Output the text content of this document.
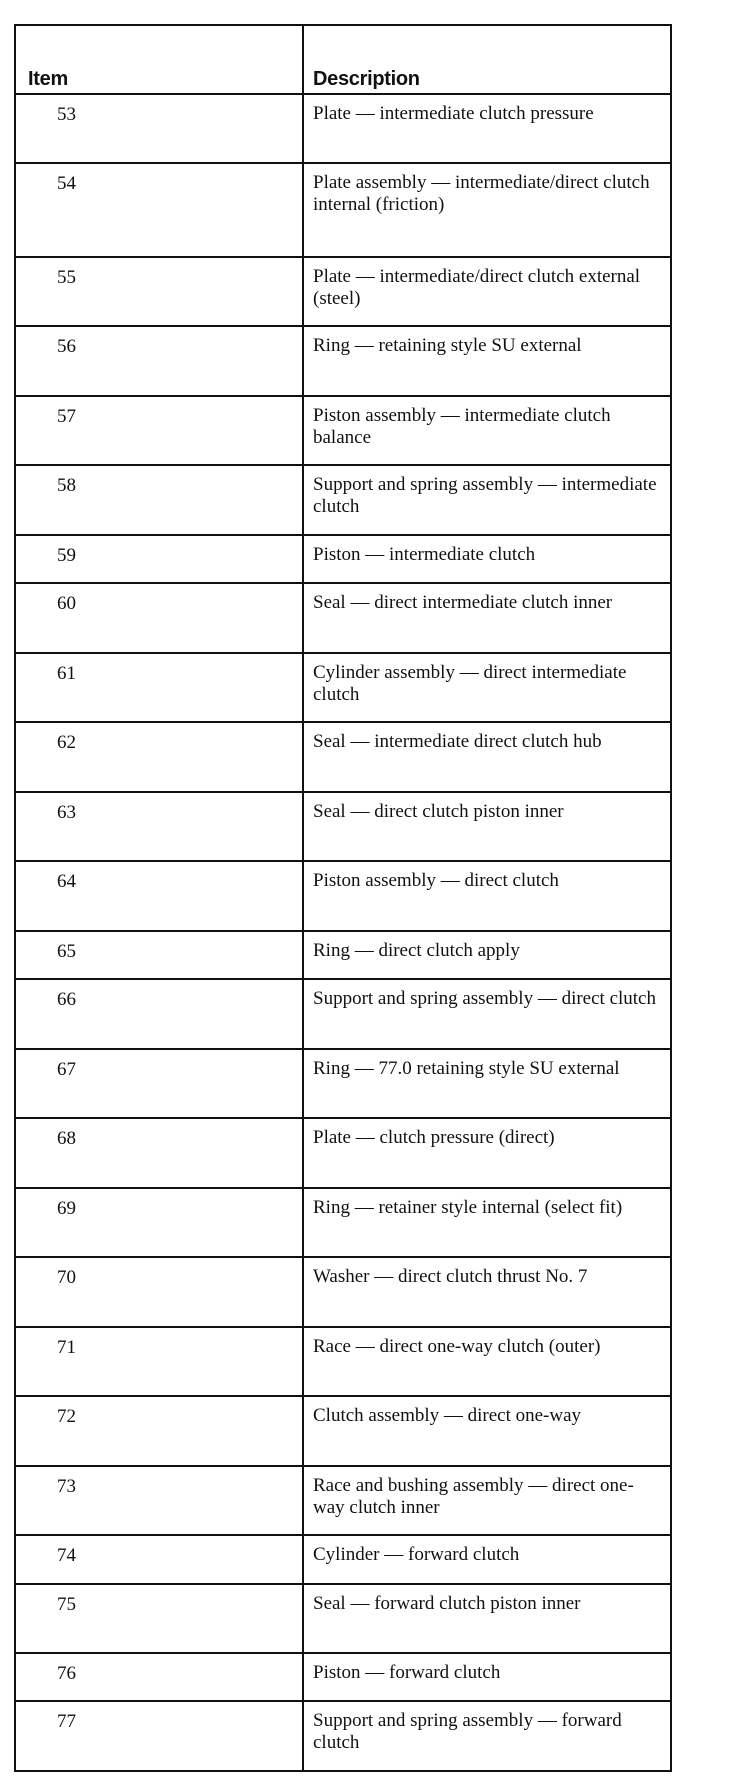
Item	Description
53	Plate — intermediate clutch pressure
54	Plate assembly — intermediate/direct clutch internal (friction)
55	Plate — intermediate/direct clutch external (steel)
56	Ring — retaining style SU external
57	Piston assembly — intermediate clutch balance
58	Support and spring assembly — intermediate clutch
59	Piston — intermediate clutch
60	Seal — direct intermediate clutch inner
61	Cylinder assembly — direct intermediate clutch
62	Seal — intermediate direct clutch hub
63	Seal — direct clutch piston inner
64	Piston assembly — direct clutch
65	Ring — direct clutch apply
66	Support and spring assembly — direct clutch
67	Ring — 77.0 retaining style SU external
68	Plate — clutch pressure (direct)
69	Ring — retainer style internal (select fit)
70	Washer — direct clutch thrust No. 7
71	Race — direct one-way clutch (outer)
72	Clutch assembly — direct one-way
73	Race and bushing assembly — direct one-way clutch inner
74	Cylinder — forward clutch
75	Seal — forward clutch piston inner
76	Piston — forward clutch
77	Support and spring assembly — forward clutch
